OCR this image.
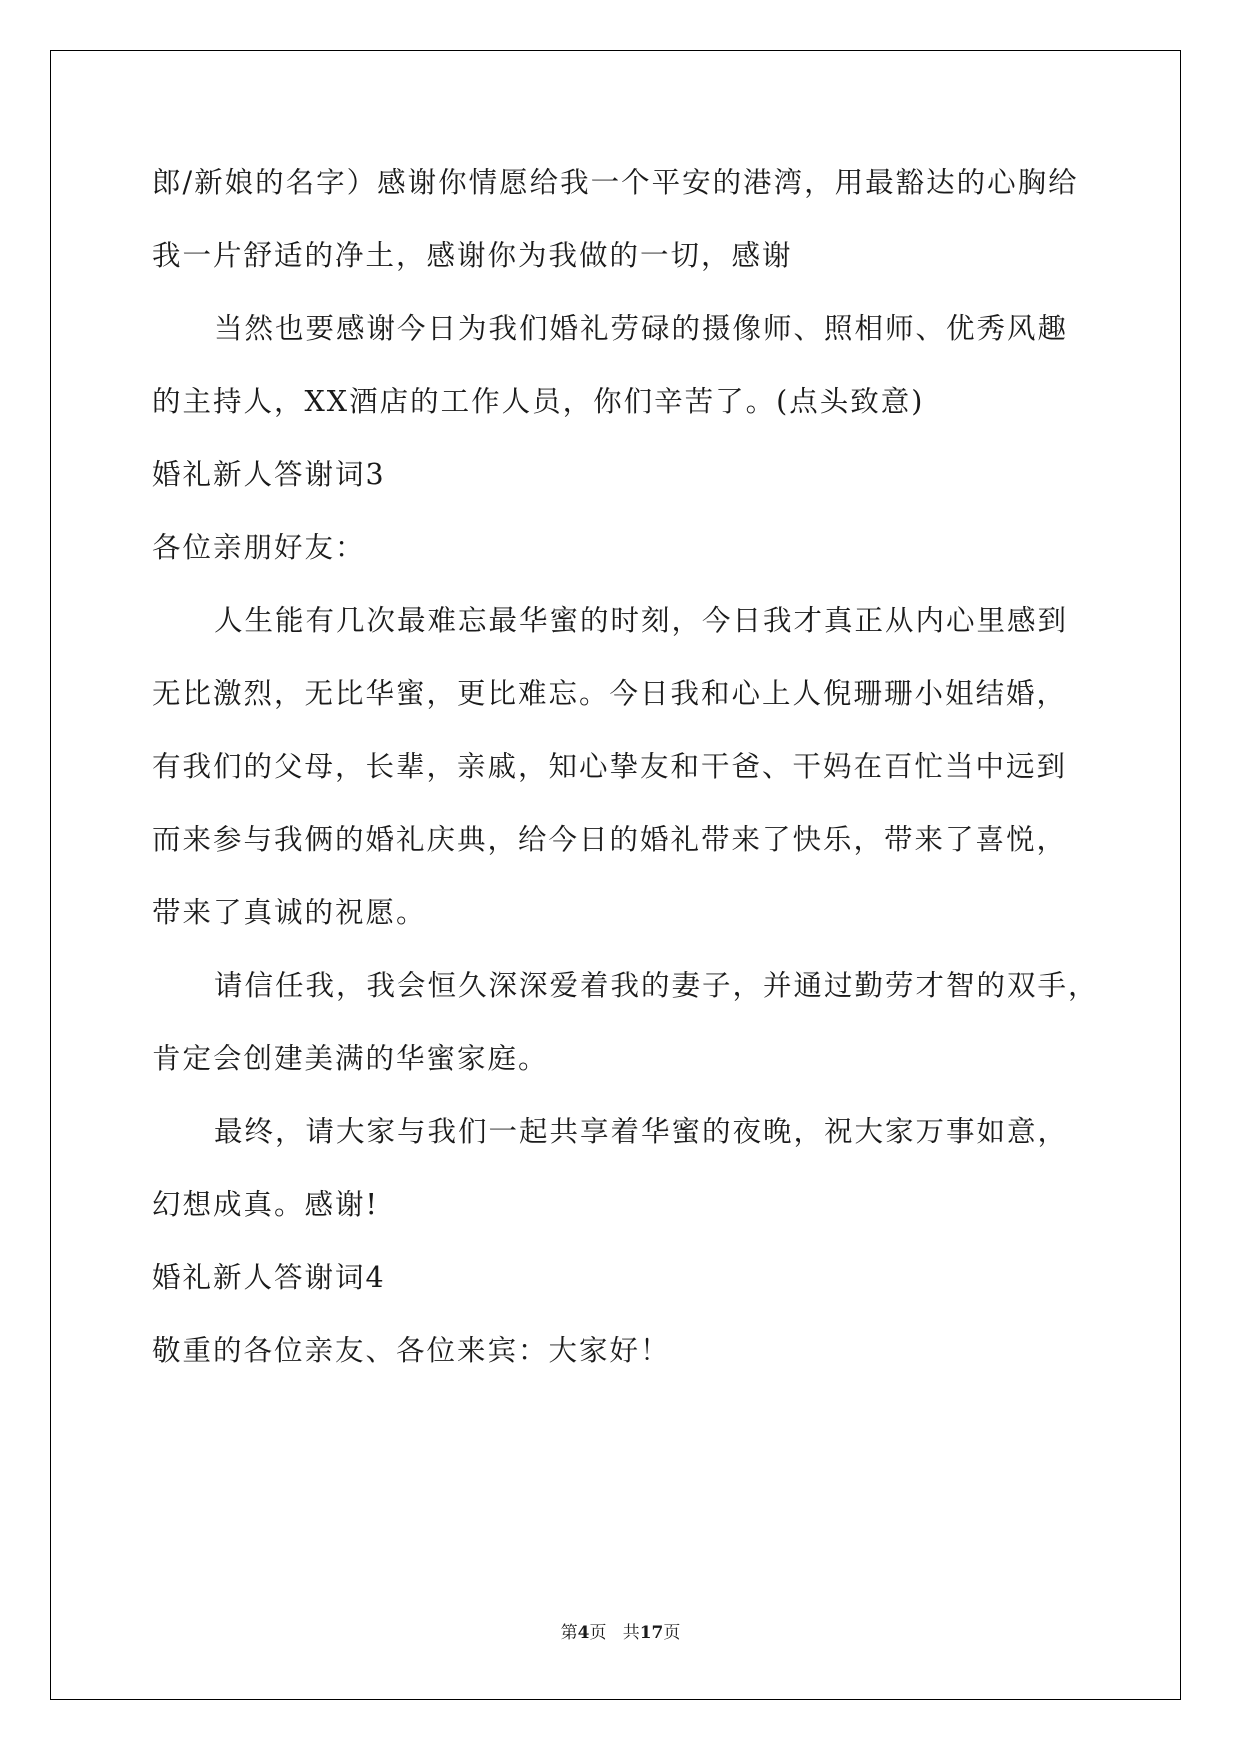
郎/新娘的名字）感谢你情愿给我一个平安的港湾，用最豁达的心胸给
我一片舒适的净土，感谢你为我做的一切，感谢
当然也要感谢今日为我们婚礼劳碌的摄像师、照相师、优秀风趣
的主持人，XX酒店的工作人员，你们辛苦了。(点头致意)
婚礼新人答谢词3
各位亲朋好友：
人生能有几次最难忘最华蜜的时刻，今日我才真正从内心里感到
无比激烈，无比华蜜，更比难忘。今日我和心上人倪珊珊小姐结婚，
有我们的父母，长辈，亲戚，知心挚友和干爸、干妈在百忙当中远到
而来参与我俩的婚礼庆典，给今日的婚礼带来了快乐，带来了喜悦，
带来了真诚的祝愿。
请信任我，我会恒久深深爱着我的妻子，并通过勤劳才智的双手，
肯定会创建美满的华蜜家庭。
最终，请大家与我们一起共享着华蜜的夜晚，祝大家万事如意，
幻想成真。感谢!
婚礼新人答谢词4
敬重的各位亲友、各位来宾：大家好！
第4页 共17页
